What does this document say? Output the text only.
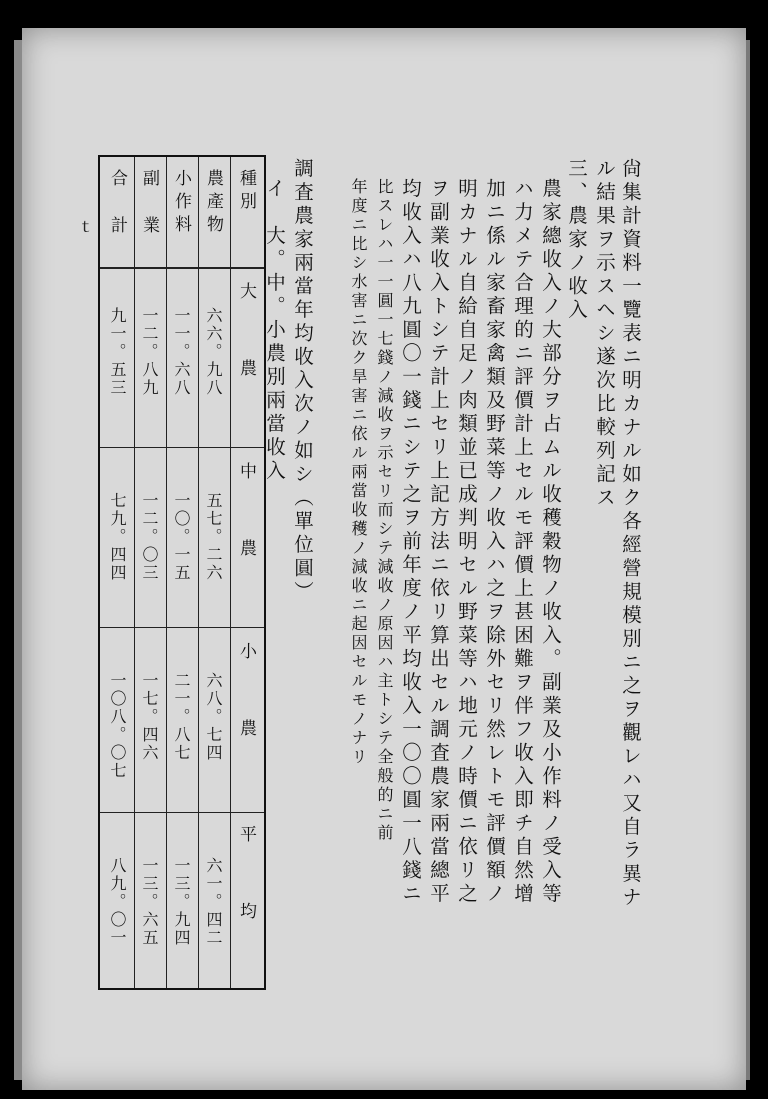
尙集計資料一覽表ニ明カナル如ク各經營規模別ニ之ヲ觀レハ又自ラ異ナ
ル結果ヲ示スヘシ遂次比較列記ス
三、農家ノ收入
農家總收入ノ大部分ヲ占ムル收穫穀物ノ收入。副業及小作料ノ受入等
ハ力メテ合理的ニ評價計上セルモ評價上甚困難ヲ伴フ收入即チ自然增
加ニ係ル家畜家禽類及野菜等ノ收入ハ之ヲ除外セリ然レトモ評價額ノ
明カナル自給自足ノ肉類並已成判明セル野菜等ハ地元ノ時價ニ依リ之
ヲ副業收入トシテ計上セリ上記方法ニ依リ算出セル調査農家兩當總平
均收入ハ八九圓〇一錢ニシテ之ヲ前年度ノ平均收入一〇〇圓一八錢ニ
比スレハ一一圓一七錢ノ減收ヲ示セリ而シテ減收ノ原因ハ主トシテ全般的ニ前
年度ニ比シ水害ニ次ク旱害ニ依ル兩當收穫ノ減收ニ起因セルモノナリ
調査農家兩當年均收入次ノ如シ（單位圓）
イ　大。中。小農別兩當收入
ｔ
種別
大農
中農
小農
平均
農產物
六六。九八
五七。二六
六八。七四
六一。四二
小作料
一一。六八
一〇。一五
二一。八七
一三。九四
副業
一二。八九
一二。〇三
一七。四六
一三。六五
合計
九一。五三
七九。四四
一〇八。〇七
八九。〇一
